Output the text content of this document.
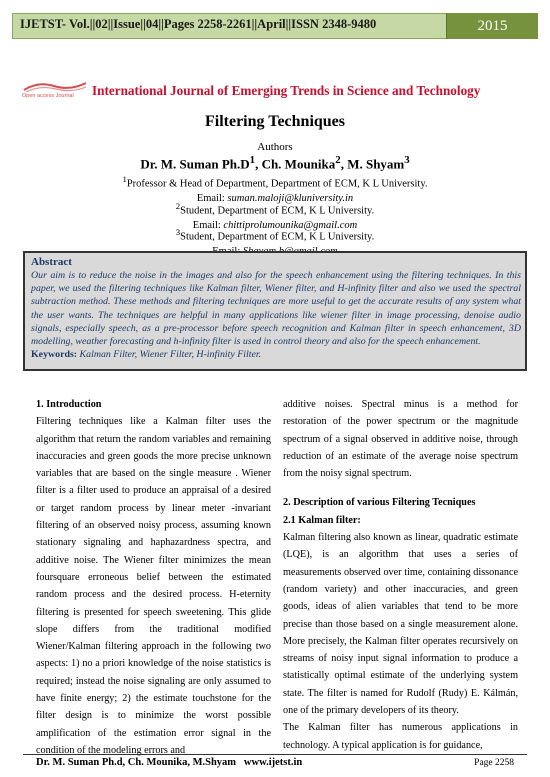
IJETST- Vol.||02||Issue||04||Pages 2258-2261||April||ISSN 2348-9480	2015
Open access Journal International Journal of Emerging Trends in Science and Technology
Filtering Techniques
Authors
Dr. M. Suman $Ph.D^1$, Ch. Mounika$^2$, M. Shyam$^3$
$^1$Professor & Head of Department, Department of ECM, K L University.
Email: suman.maloji@kluniversity.in
$^2$Student, Department of ECM, K L University.
Email: chittiprolumounika@gmail.com
$^3$Student, Department of ECM, K L University.

Abstract
Our aim is to reduce the noise in the images and also for the speech enhancement using the filtering techniques. In this paper, we used the filtering techniques like Kalman filter, Wiener filter, and H-infinity filter and also we used the spectral subtraction method. These methods and filtering techniques are more useful to get the accurate results of any system what the user wants. The techniques are helpful in many applications like wiener filter in image processing, denoise audio signals, especially speech, as a pre-processor before speech recognition and Kalman filter in speech enhancement, 3D modelling, weather forecasting and h-infinity filter is used in control theory and also for the speech enhancement.
Keywords: Kalman Filter, Wiener Filter, H-infinity Filter.
1. Introduction
Filtering techniques like a Kalman filter uses the algorithm that return the random variables and remaining inaccuracies and green goods the more precise unknown variables that are based on the single measure . Wiener filter is a filter used to produce an appraisal of a desired or target random process by linear meter -invariant filtering of an observed noisy process, assuming known stationary signaling and haphazardness spectra, and additive noise. The Wiener filter minimizes the mean foursquare erroneous belief between the estimated random process and the desired process. H-eternity filtering is presented for speech sweetening. This glide slope differs from the traditional modified Wiener/Kalman filtering approach in the following two aspects: 1) no a priori knowledge of the noise statistics is required; instead the noise signaling are only assumed to have finite energy; 2) the estimate touchstone for the filter design is to minimize the worst possible amplification of the estimation error signal in the condition of the modeling errors and
additive noises. Spectral minus is a method for restoration of the power spectrum or the magnitude spectrum of a signal observed in additive noise, through reduction of an estimate of the average noise spectrum from the noisy signal spectrum.
2. Description of various Filtering Tecniques
2.1 Kalman filter:
Kalman filtering also known as linear, quadratic estimate (LQE), is an algorithm that uses a series of measurements observed over time, containing dissonance (random variety) and other inaccuracies, and green goods, ideas of alien variables that tend to be more precise than those based on a single measurement alone. More precisely, the Kalman filter operates recursively on streams of noisy input signal information to produce a statistically optimal estimate of the underlying system state. The filter is named for Rudolf (Rudy) E. Kálmán, one of the primary developers of its theory.
The Kalman filter has numerous applications in technology. A typical application is for guidance,
Dr. M. Suman Ph.d, Ch. Mounika, M.Shyam www.ijetst.in	Page 2258
